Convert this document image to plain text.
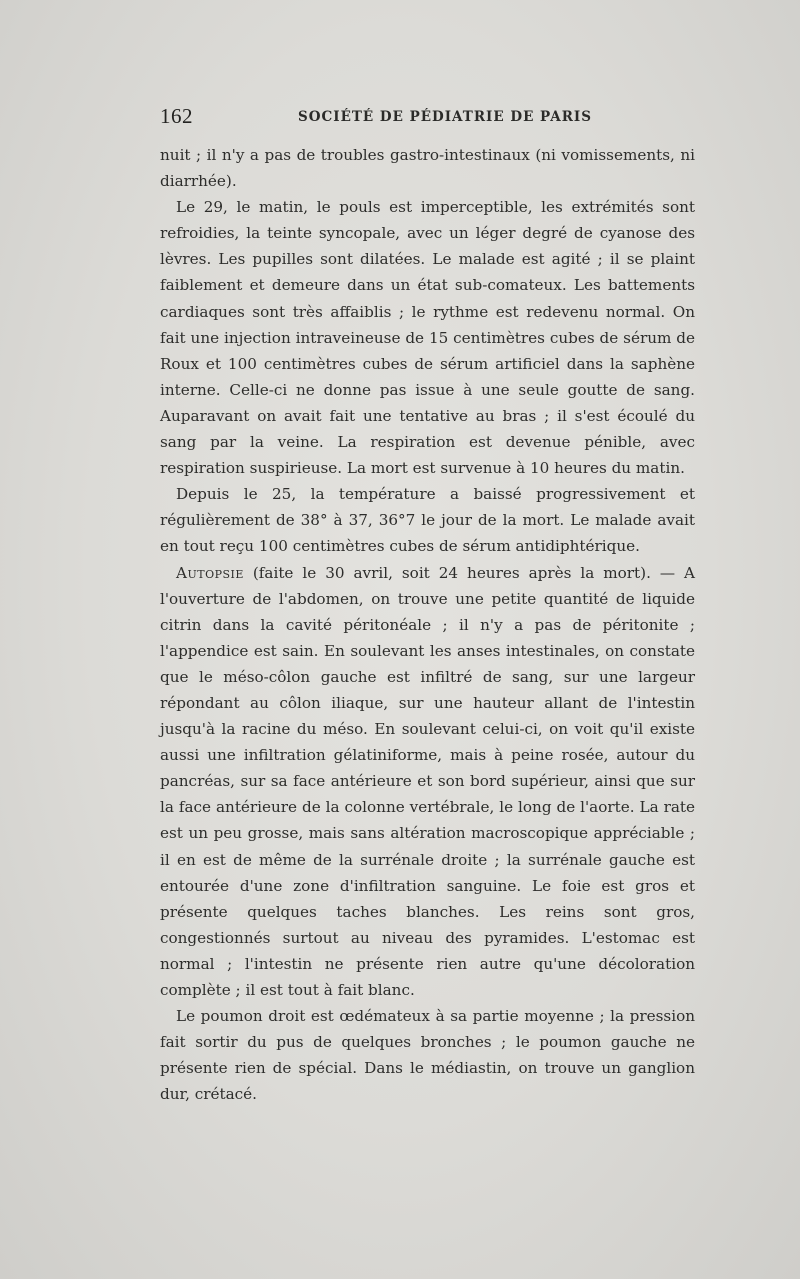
162	SOCIÉTÉ DE PÉDIATRIE DE PARIS

nuit ; il n'y a pas de troubles gastro-intestinaux (ni vomissements, ni diarrhée).

Le 29, le matin, le pouls est imperceptible, les extrémités sont refroidies, la teinte syncopale, avec un léger degré de cyanose des lèvres. Les pupilles sont dilatées. Le malade est agité ; il se plaint faiblement et demeure dans un état sub-comateux. Les battements cardiaques sont très affaiblis ; le rythme est redevenu normal. On fait une injection intraveineuse de 15 centimètres cubes de sérum de Roux et 100 centimètres cubes de sérum artificiel dans la saphène interne. Celle-ci ne donne pas issue à une seule goutte de sang. Auparavant on avait fait une tentative au bras ; il s'est écoulé du sang par la veine. La respiration est devenue pénible, avec respiration suspirieuse. La mort est survenue à 10 heures du matin.

Depuis le 25, la température a baissé progressivement et régulièrement de 38° à 37, 36°7 le jour de la mort. Le malade avait en tout reçu 100 centimètres cubes de sérum antidiphtérique.

Autopsie (faite le 30 avril, soit 24 heures après la mort). — A l'ouverture de l'abdomen, on trouve une petite quantité de liquide citrin dans la cavité péritonéale ; il n'y a pas de péritonite ; l'appendice est sain. En soulevant les anses intestinales, on constate que le méso-côlon gauche est infiltré de sang, sur une largeur répondant au côlon iliaque, sur une hauteur allant de l'intestin jusqu'à la racine du méso. En soulevant celui-ci, on voit qu'il existe aussi une infiltration gélatiniforme, mais à peine rosée, autour du pancréas, sur sa face antérieure et son bord supérieur, ainsi que sur la face antérieure de la colonne vertébrale, le long de l'aorte. La rate est un peu grosse, mais sans altération macroscopique appréciable ; il en est de même de la surrénale droite ; la surrénale gauche est entourée d'une zone d'infiltration sanguine. Le foie est gros et présente quelques taches blanches. Les reins sont gros, congestionnés surtout au niveau des pyramides. L'estomac est normal ; l'intestin ne présente rien autre qu'une décoloration complète ; il est tout à fait blanc.

Le poumon droit est œdémateux à sa partie moyenne ; la pression fait sortir du pus de quelques bronches ; le poumon gauche ne présente rien de spécial. Dans le médiastin, on trouve un ganglion dur, crétacé.
